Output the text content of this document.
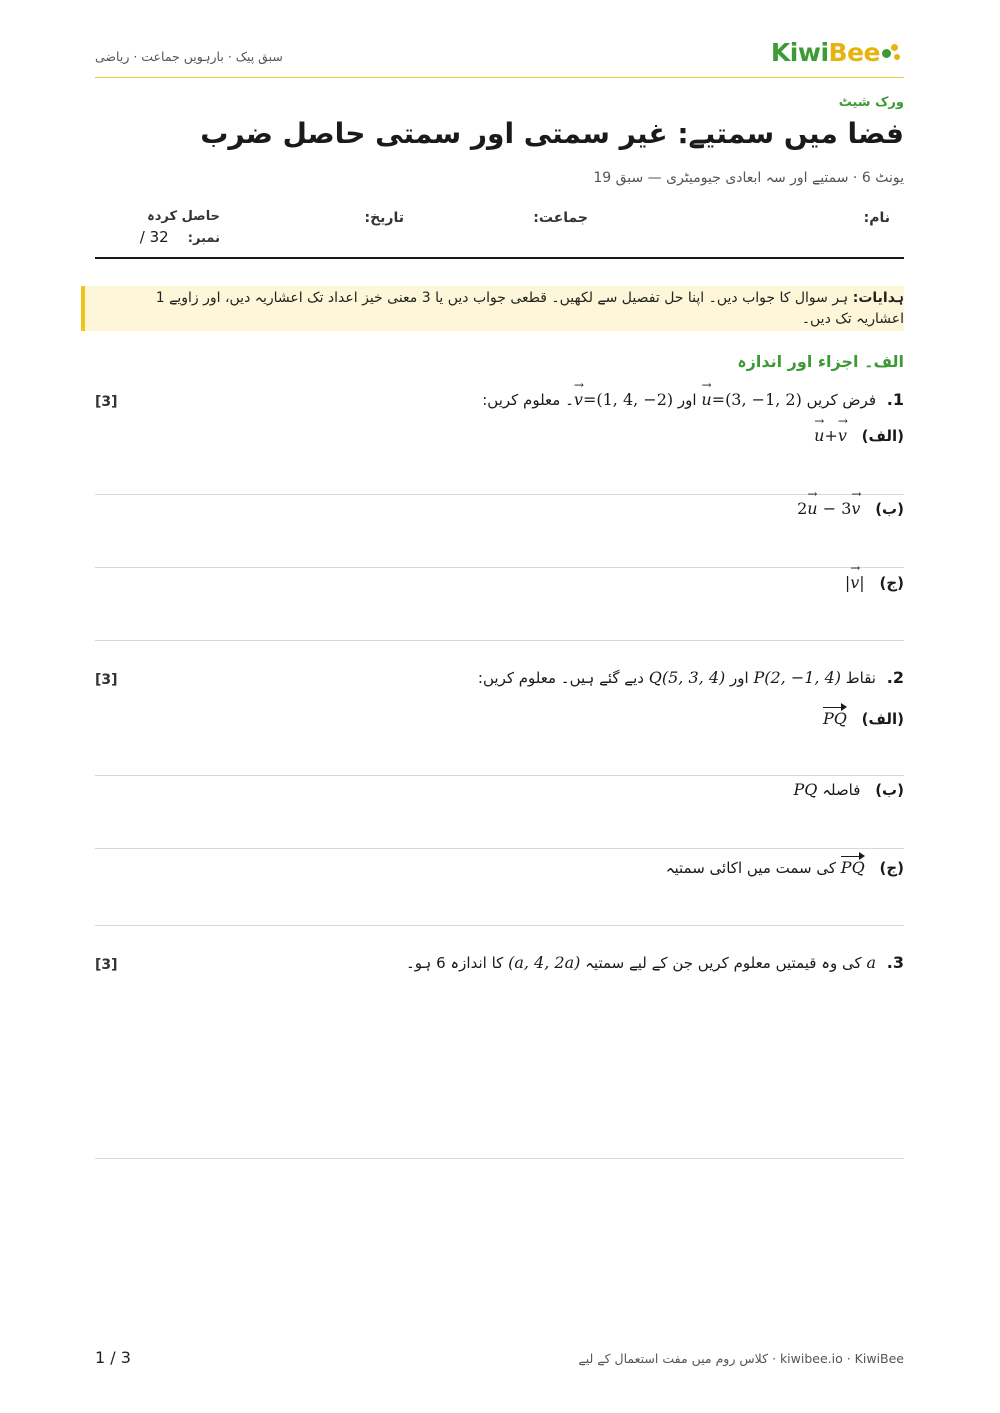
سبق پیک · بارہویں جماعت · ریاضی	KiwiBee
ورک شیٹ
فضا میں سمتیے: غیر سمتی اور سمتی حاصل ضرب
یونٹ 6 · سمتیے اور سہ ابعادی جیومیٹری — سبق 19
نام:
جماعت:
تاریخ:
حاصل کردہ
نمبر:    / 32
ہدایات: ہر سوال کا جواب دیں۔ اپنا حل تفصیل سے لکھیں۔ قطعی جواب دیں یا 3 معنی خیز اعداد تک اعشاریہ دیں، اور زاویے 1 اعشاریہ تک دیں۔
الف۔ اجزاء اور اندازہ
1. فرض کریں → u=(3, −1, 2) اور → v=(1, 4, −2)۔ معلوم کریں:
[3]
(الف) → u+→ v
(ب) 2→ u − 3→ v
(ج) |→ v|
2. نقاط P(2, −1, 4) اور Q(5, 3, 4) دیے گئے ہیں۔ معلوم کریں:
[3]
(الف) PQ
(ب) فاصلہ PQ
(ج) PQ کی سمت میں اکائی سمتیہ
3. a کی وہ قیمتیں معلوم کریں جن کے لیے سمتیہ (a, 4, 2a) کا اندازہ 6 ہو۔
[3]
3 / 1	kiwibee.io · KiwiBee · کلاس روم میں مفت استعمال کے لیے
